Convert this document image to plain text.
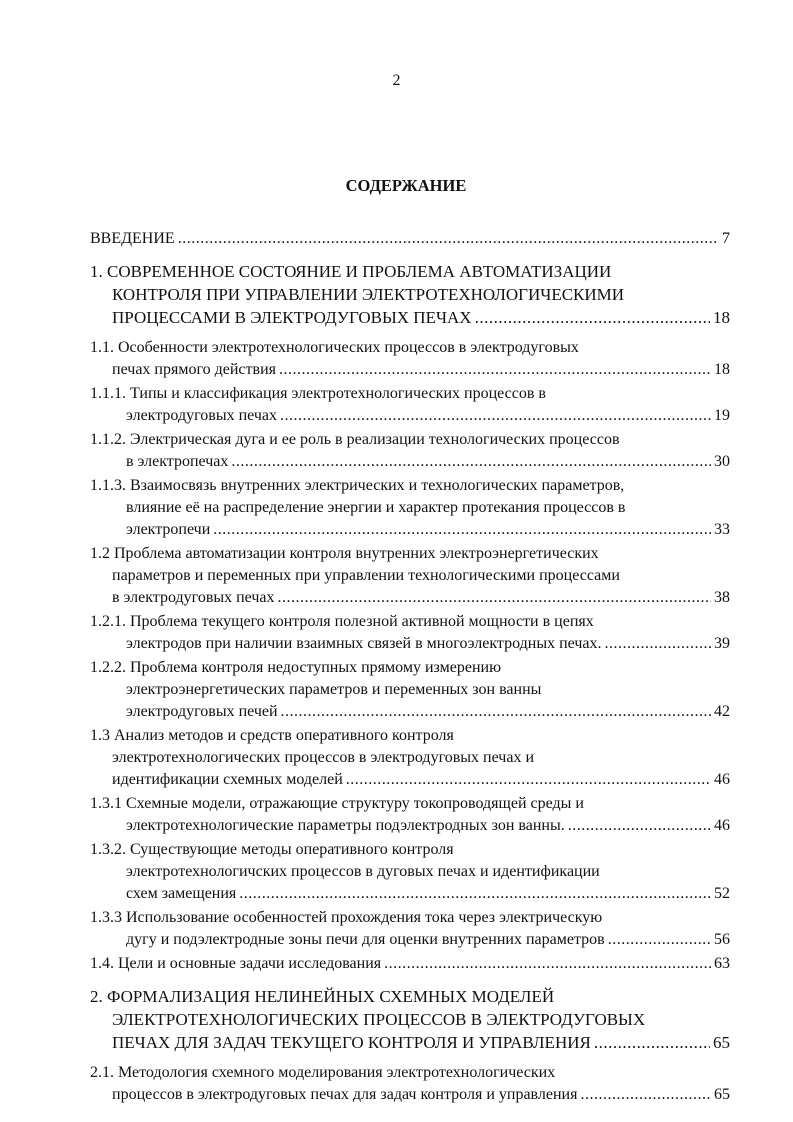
2
СОДЕРЖАНИЕ
ВВЕДЕНИЕ .....	7
1. СОВРЕМЕННОЕ СОСТОЯНИЕ И ПРОБЛЕМА АВТОМАТИЗАЦИИ
КОНТРОЛЯ ПРИ УПРАВЛЕНИИ ЭЛЕКТРОТЕХНОЛОГИЧЕСКИМИ
ПРОЦЕССАМИ В ЭЛЕКТРОДУГОВЫХ ПЕЧАХ .....	18
1.1. Особенности электротехнологических процессов в электродуговых
печах прямого действия .....	18
1.1.1. Типы и классификация электротехнологических процессов в
электродуговых печах .....	19
1.1.2. Электрическая дуга и ее роль в реализации технологических процессов
в электропечах .....	30
1.1.3. Взаимосвязь внутренних электрических и технологических параметров,
влияние её на распределение энергии и характер протекания процессов в
электропечи .....	33
1.2 Проблема автоматизации контроля внутренних электроэнергетических
параметров и переменных при управлении технологическими процессами
в электродуговых печах .....	38
1.2.1. Проблема текущего контроля полезной активной мощности в цепях
электродов при наличии взаимных связей в многоэлектродных печах. .....	39
1.2.2. Проблема контроля недоступных прямому измерению
электроэнергетических параметров и переменных зон ванны
электродуговых печей .....	42
1.3 Анализ методов и средств оперативного контроля
электротехнологических процессов в электродуговых печах и
идентификации схемных моделей .....	46
1.3.1 Схемные модели, отражающие структуру токопроводящей среды и
электротехнологические параметры подэлектродных зон ванны. .....	46
1.3.2. Существующие методы оперативного контроля
электротехнологичских процессов в дуговых печах и идентификации
схем замещения .....	52
1.3.3 Использование особенностей прохождения тока через электрическую
дугу и подэлектродные зоны печи для оценки внутренних параметров .....	56
1.4. Цели и основные задачи исследования .....	63
2. ФОРМАЛИЗАЦИЯ НЕЛИНЕЙНЫХ СХЕМНЫХ МОДЕЛЕЙ
ЭЛЕКТРОТЕХНОЛОГИЧЕСКИХ ПРОЦЕССОВ В ЭЛЕКТРОДУГОВЫХ
ПЕЧАХ ДЛЯ ЗАДАЧ ТЕКУЩЕГО КОНТРОЛЯ И УПРАВЛЕНИЯ .....	65
2.1. Методология схемного моделирования электротехнологических
процессов в электродуговых печах для задач контроля и управления .....	65
